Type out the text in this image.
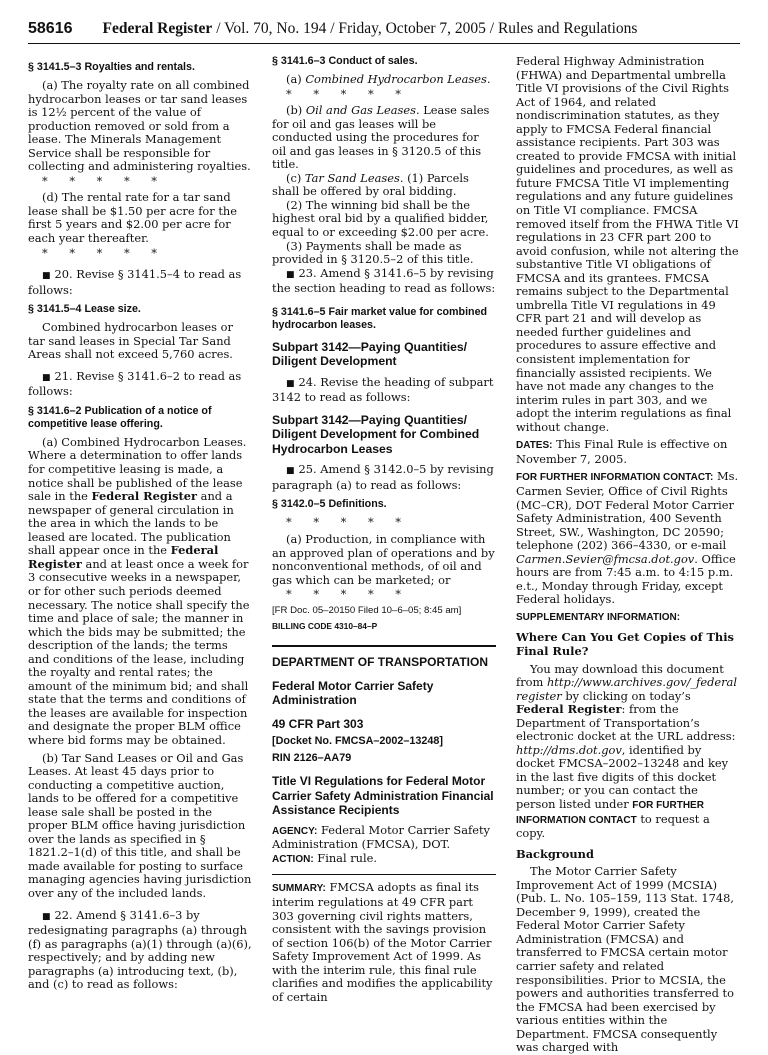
58616 Federal Register / Vol. 70, No. 194 / Friday, October 7, 2005 / Rules and Regulations

§ 3141.5–3 Royalties and rentals.

(a) The royalty rate on all combined hydrocarbon leases or tar sand leases is 12½ percent of the value of production removed or sold from a lease. The Minerals Management Service shall be responsible for collecting and administering royalties.

* * * * *

(d) The rental rate for a tar sand lease shall be $1.50 per acre for the first 5 years and $2.00 per acre for each year thereafter.

* * * * *

■ 20. Revise § 3141.5–4 to read as follows:

§ 3141.5–4 Lease size.

Combined hydrocarbon leases or tar sand leases in Special Tar Sand Areas shall not exceed 5,760 acres.

■ 21. Revise § 3141.6–2 to read as follows:

§ 3141.6–2 Publication of a notice of competitive lease offering.

(a) Combined Hydrocarbon Leases. Where a determination to offer lands for competitive leasing is made, a notice shall be published of the lease sale in the Federal Register and a newspaper of general circulation in the area in which the lands to be leased are located. The publication shall appear once in the Federal Register and at least once a week for 3 consecutive weeks in a newspaper, or for other such periods deemed necessary. The notice shall specify the time and place of sale; the manner in which the bids may be submitted; the description of the lands; the terms and conditions of the lease, including the royalty and rental rates; the amount of the minimum bid; and shall state that the terms and conditions of the leases are available for inspection and designate the proper BLM office where bid forms may be obtained.

(b) Tar Sand Leases or Oil and Gas Leases. At least 45 days prior to conducting a competitive auction, lands to be offered for a competitive lease sale shall be posted in the proper BLM office having jurisdiction over the lands as specified in § 1821.2–1(d) of this title, and shall be made available for posting to surface managing agencies having jurisdiction over any of the included lands.

■ 22. Amend § 3141.6–3 by redesignating paragraphs (a) through (f) as paragraphs (a)(1) through (a)(6), respectively; and by adding new paragraphs (a) introducing text, (b), and (c) to read as follows:

§ 3141.6–3 Conduct of sales.

(a) Combined Hydrocarbon Leases.

* * * * *

(b) Oil and Gas Leases. Lease sales for oil and gas leases will be conducted using the procedures for oil and gas leases in § 3120.5 of this title.

(c) Tar Sand Leases. (1) Parcels shall be offered by oral bidding.

(2) The winning bid shall be the highest oral bid by a qualified bidder, equal to or exceeding $2.00 per acre.

(3) Payments shall be made as provided in § 3120.5–2 of this title.

■ 23. Amend § 3141.6–5 by revising the section heading to read as follows:

§ 3141.6–5 Fair market value for combined hydrocarbon leases.

Subpart 3142—Paying Quantities/ Diligent Development

■ 24. Revise the heading of subpart 3142 to read as follows:

Subpart 3142—Paying Quantities/ Diligent Development for Combined Hydrocarbon Leases

■ 25. Amend § 3142.0–5 by revising paragraph (a) to read as follows:

§ 3142.0–5 Definitions.

* * * * *

(a) Production, in compliance with an approved plan of operations and by nonconventional methods, of oil and gas which can be marketed; or

* * * * *

[FR Doc. 05–20150 Filed 10–6–05; 8:45 am]

BILLING CODE 4310–84–P

DEPARTMENT OF TRANSPORTATION

Federal Motor Carrier Safety Administration

49 CFR Part 303

[Docket No. FMCSA–2002–13248]

RIN 2126–AA79

Title VI Regulations for Federal Motor Carrier Safety Administration Financial Assistance Recipients

AGENCY: Federal Motor Carrier Safety Administration (FMCSA), DOT.

ACTION: Final rule.

SUMMARY: FMCSA adopts as final its interim regulations at 49 CFR part 303 governing civil rights matters, consistent with the savings provision of section 106(b) of the Motor Carrier Safety Improvement Act of 1999. As with the interim rule, this final rule clarifies and modifies the applicability of certain

Federal Highway Administration (FHWA) and Departmental umbrella Title VI provisions of the Civil Rights Act of 1964, and related nondiscrimination statutes, as they apply to FMCSA Federal financial assistance recipients. Part 303 was created to provide FMCSA with initial guidelines and procedures, as well as future FMCSA Title VI implementing regulations and any future guidelines on Title VI compliance. FMCSA removed itself from the FHWA Title VI regulations in 23 CFR part 200 to avoid confusion, while not altering the substantive Title VI obligations of FMCSA and its grantees. FMCSA remains subject to the Departmental umbrella Title VI regulations in 49 CFR part 21 and will develop as needed further guidelines and procedures to assure effective and consistent implementation for financially assisted recipients. We have not made any changes to the interim rules in part 303, and we adopt the interim regulations as final without change.

DATES: This Final Rule is effective on November 7, 2005.

FOR FURTHER INFORMATION CONTACT: Ms. Carmen Sevier, Office of Civil Rights (MC–CR), DOT Federal Motor Carrier Safety Administration, 400 Seventh Street, SW., Washington, DC 20590; telephone (202) 366–4330, or e-mail Carmen.Sevier@fmcsa.dot.gov. Office hours are from 7:45 a.m. to 4:15 p.m. e.t., Monday through Friday, except Federal holidays.

SUPPLEMENTARY INFORMATION:

Where Can You Get Copies of This Final Rule?

You may download this document from http://www.archives.gov/_federal register by clicking on today’s Federal Register: from the Department of Transportation’s electronic docket at the URL address: http://dms.dot.gov, identified by docket FMCSA–2002–13248 and key in the last five digits of this docket number; or you can contact the person listed under FOR FURTHER INFORMATION CONTACT to request a copy.

Background

The Motor Carrier Safety Improvement Act of 1999 (MCSIA) (Pub. L. No. 105–159, 113 Stat. 1748, December 9, 1999), created the Federal Motor Carrier Safety Administration (FMCSA) and transferred to FMCSA certain motor carrier safety and related responsibilities. Prior to MCSIA, the powers and authorities transferred to the FMCSA had been exercised by various entities within the Department. FMCSA consequently was charged with
